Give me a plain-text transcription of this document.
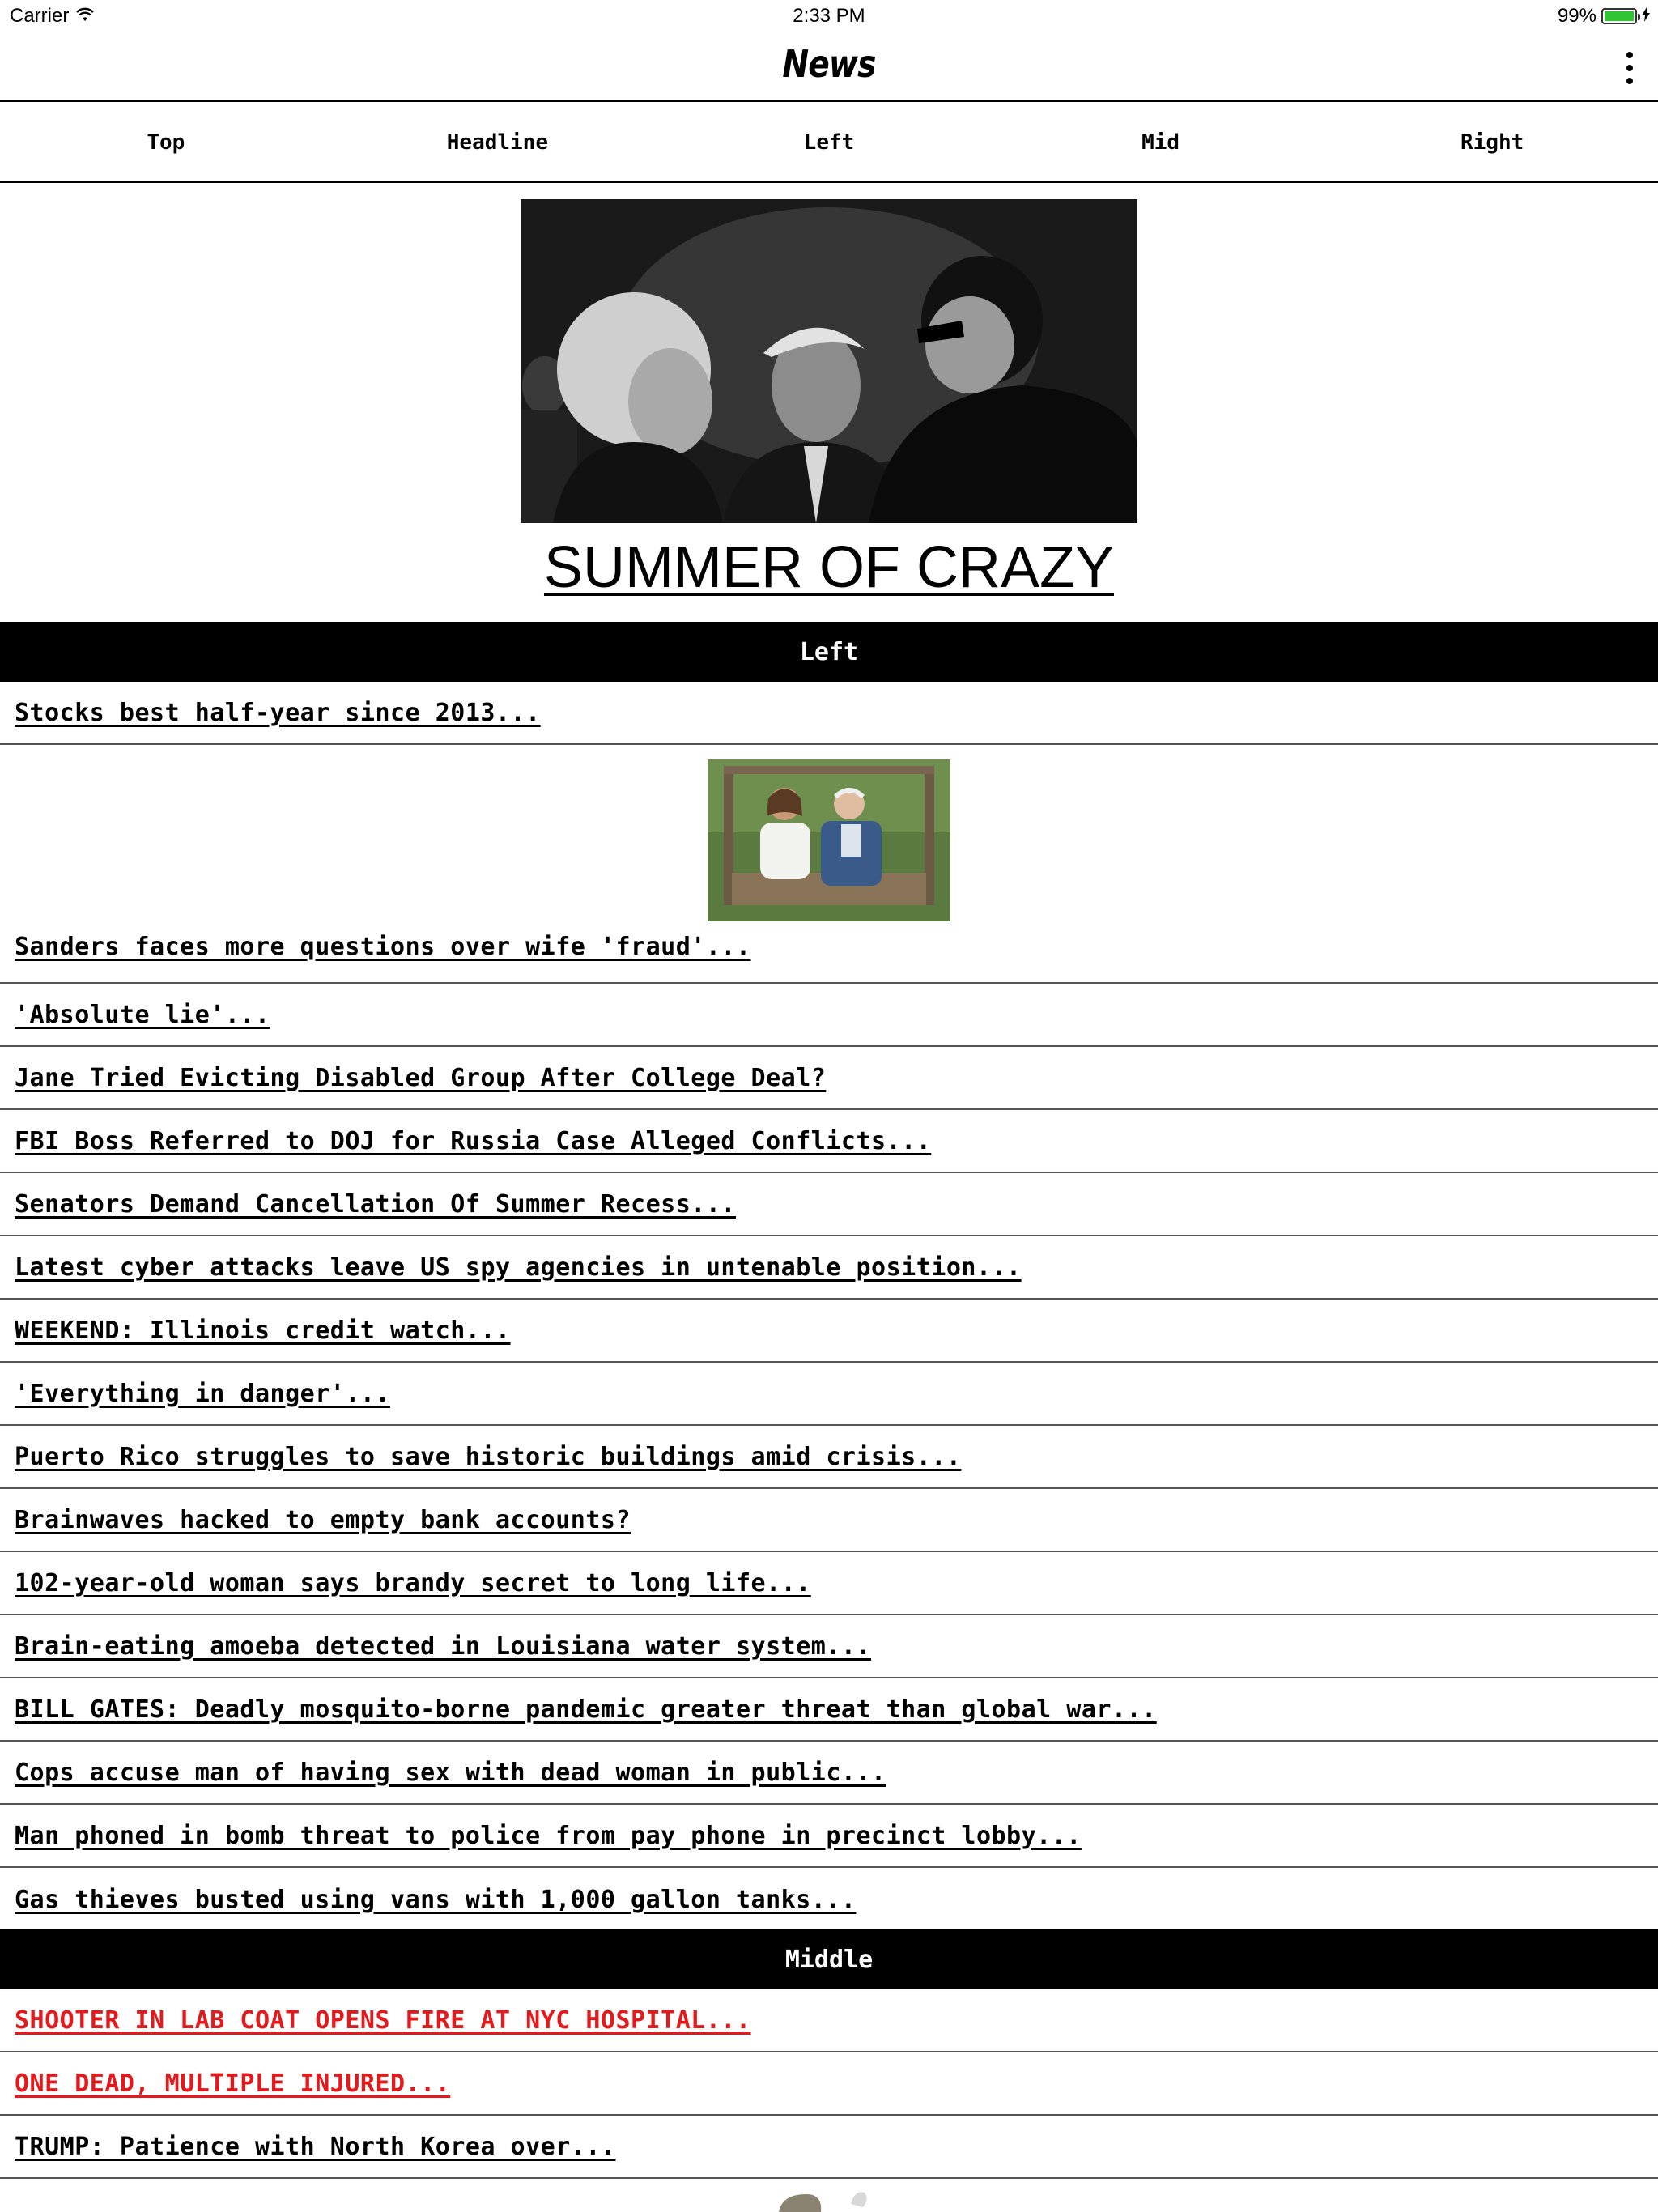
Carrier	2:33 PM	99%
News
Top	Headline	Left	Mid	Right
SUMMER OF CRAZY
Left
Stocks best half-year since 2013...
Sanders faces more questions over wife 'fraud'...
'Absolute lie'...
Jane Tried Evicting Disabled Group After College Deal?
FBI Boss Referred to DOJ for Russia Case Alleged Conflicts...
Senators Demand Cancellation Of Summer Recess...
Latest cyber attacks leave US spy agencies in untenable position...
WEEKEND: Illinois credit watch...
'Everything in danger'...
Puerto Rico struggles to save historic buildings amid crisis...
Brainwaves hacked to empty bank accounts?
102-year-old woman says brandy secret to long life...
Brain-eating amoeba detected in Louisiana water system...
BILL GATES: Deadly mosquito-borne pandemic greater threat than global war...
Cops accuse man of having sex with dead woman in public...
Man phoned in bomb threat to police from pay phone in precinct lobby...
Gas thieves busted using vans with 1,000 gallon tanks...
Middle
SHOOTER IN LAB COAT OPENS FIRE AT NYC HOSPITAL...
ONE DEAD, MULTIPLE INJURED...
TRUMP: Patience with North Korea over...
